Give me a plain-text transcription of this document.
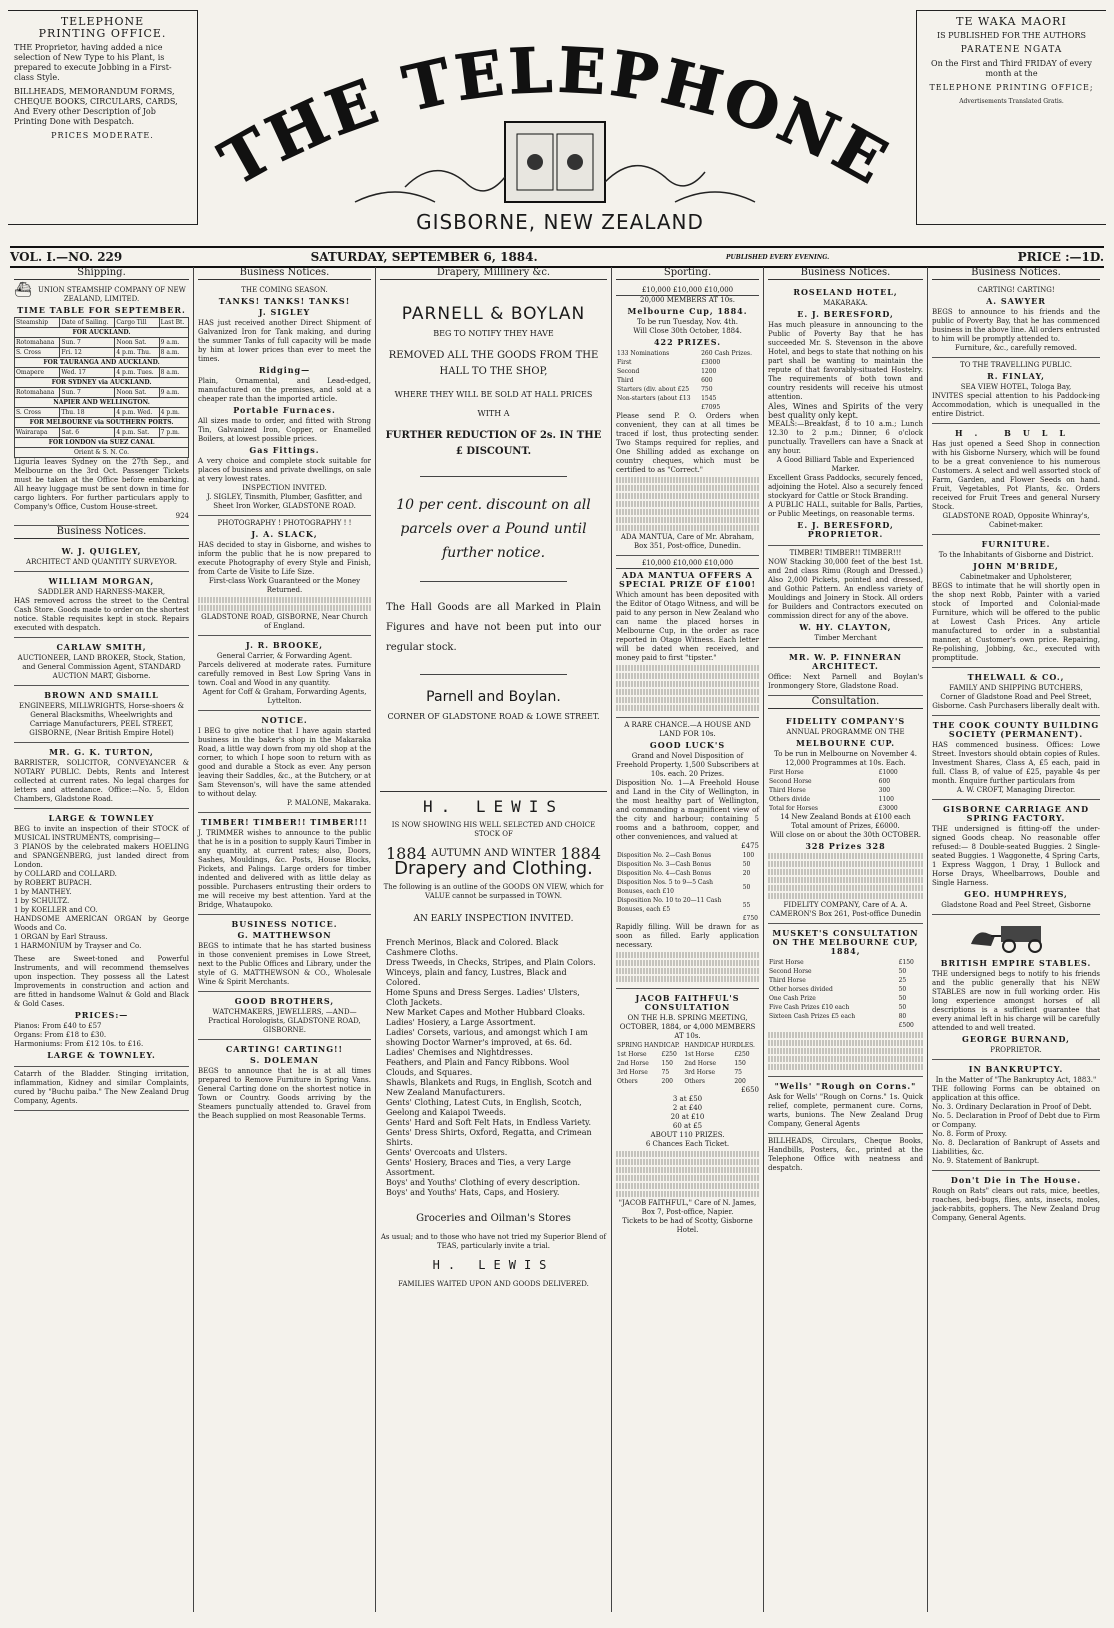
TELEPHONE
PRINTING OFFICE.
THE Proprietor, having added a nice selection of New Type to his Plant, is prepared to execute Jobbing in a First-class Style.
BILLHEADS, MEMORANDUM FORMS, CHEQUE BOOKS, CIRCULARS, CARDS, And Every other Description of Job Printing Done with Despatch.
PRICES MODERATE. THE TELEPHONE
GISBORNE, NEW ZEALAND
TE WAKA MAORI
IS PUBLISHED FOR THE AUTHORS
PARATENE NGATA
On the First and Third FRIDAY of every month at the
TELEPHONE PRINTING OFFICE;
Advertisements Translated Gratis.
VOL. I.—NO. 229	SATURDAY, SEPTEMBER 6, 1884.	PUBLISHED EVERY EVENING.	PRICE :—1D.
Shipping.
⛴ UNION STEAMSHIP COMPANY OF NEW ZEALAND, LIMITED.
TIME TABLE FOR SEPTEMBER.
Steamship	Date of Sailing.	Cargo Till	Last Bt.
FOR AUCKLAND.			
Rotomahana	Sun. 7	Noon Sat.	9 a.m.
S. Cross	Fri. 12	4 p.m. Thu.	8 a.m.
FOR TAURANGA AND AUCKLAND.			
Omapere	Wed. 17	4 p.m. Tues.	8 a.m.
FOR SYDNEY via AUCKLAND.			
Rotomahana	Sun. 7	Noon Sat.	9 a.m.
NAPIER AND WELLINGTON.			
S. Cross	Thu. 18	4 p.m. Wed.	4 p.m.
FOR MELBOURNE via SOUTHERN PORTS.			
Wairarapa	Sat. 6	4 p.m. Sat.	7 p.m.
FOR LONDON via SUEZ CANAL			
Orient & S. N. Co.			
Liguria leaves Sydney on the 27th Sep., and Melbourne on the 3rd Oct. Passenger Tickets must be taken at the Office before embarking. All heavy luggage must be sent down in time for cargo lighters. For further particulars apply to Company's Office, Custom House-street.
924
Business Notices.
W. J. QUIGLEY,
ARCHITECT AND QUANTITY SURVEYOR.
WILLIAM MORGAN,
SADDLER AND HARNESS-MAKER,
HAS removed across the street to the Central Cash Store. Goods made to order on the shortest notice. Stable requisites kept in stock. Repairs executed with despatch.
CARLAW SMITH,
AUCTIONEER, LAND BROKER, Stock, Station, and General Commission Agent, STANDARD AUCTION MART, Gisborne.
BROWN AND SMAILL
ENGINEERS, MILLWRIGHTS, Horse-shoers & General Blacksmiths, Wheelwrights and Carriage Manufacturers, PEEL STREET, GISBORNE, (Near British Empire Hotel)
MR. G. K. TURTON,
BARRISTER, SOLICITOR, CONVEYANCER & NOTARY PUBLIC. Debts, Rents and Interest collected at current rates. No legal charges for letters and attendance. Office:—No. 5, Eldon Chambers, Gladstone Road.
LARGE & TOWNLEY
BEG to invite an inspection of their STOCK of MUSICAL INSTRUMENTS, comprising—
3 PIANOS by the celebrated makers HOELING and SPANGENBERG, just landed direct from London.
by COLLARD and COLLARD.
by ROBERT BUPACH.
1 by MANTHEY.
1 by SCHULTZ.
1 by KOELLER and CO.
HANDSOME AMERICAN ORGAN by George Woods and Co.
1 ORGAN by Earl Strauss.
1 HARMONIUM by Trayser and Co.
These are Sweet-toned and Powerful Instruments, and will recommend themselves upon inspection. They possess all the Latest Improvements in construction and action and are fitted in handsome Walnut & Gold and Black & Gold Cases.
PRICES:—
Pianos: From £40 to £57
Organs: From £18 to £30.
Harmoniums: From £12 10s. to £16.
LARGE & TOWNLEY.
Catarrh of the Bladder. Stinging irritation, inflammation, Kidney and similar Complaints, cured by "Buchu paiba." The New Zealand Drug Company, Agents.
Business Notices.
THE COMING SEASON.
TANKS! TANKS! TANKS!
J. SIGLEY
HAS just received another Direct Shipment of Galvanized Iron for Tank making, and during the summer Tanks of full capacity will be made by him at lower prices than ever to meet the times.
Ridging—
Plain, Ornamental, and Lead-edged, manufactured on the premises, and sold at a cheaper rate than the imported article.
Portable Furnaces.
All sizes made to order, and fitted with Strong Tin, Galvanized Iron, Copper, or Enamelled Boilers, at lowest possible prices.
Gas Fittings.
A very choice and complete stock suitable for places of business and private dwellings, on sale at very lowest rates.
INSPECTION INVITED.
J. SIGLEY, Tinsmith, Plumber, Gasfitter, and Sheet Iron Worker, GLADSTONE ROAD.
PHOTOGRAPHY ! PHOTOGRAPHY ! !
J. A. SLACK,
HAS decided to stay in Gisborne, and wishes to inform the public that he is now prepared to execute Photography of every Style and Finish, from Carte de Visite to Life Size.
First-class Work Guaranteed or the Money Returned.
GLADSTONE ROAD, GISBORNE, Near Church of England.
J. R. BROOKE,
General Carrier, & Forwarding Agent.
Parcels delivered at moderate rates. Furniture carefully removed in Best Low Spring Vans in town. Coal and Wood in any quantity.
Agent for Coff & Graham, Forwarding Agents, Lyttelton.
NOTICE.
I BEG to give notice that I have again started business in the baker's shop in the Makaraka Road, a little way down from my old shop at the corner, to which I hope soon to return with as good and durable a Stock as ever. Any person leaving their Saddles, &c., at the Butchery, or at Sam Stevenson's, will have the same attended to without delay.
P. MALONE, Makaraka.
TIMBER! TIMBER!! TIMBER!!!
J. TRIMMER wishes to announce to the public that he is in a position to supply Kauri Timber in any quantity, at current rates; also, Doors, Sashes, Mouldings, &c. Posts, House Blocks, Pickets, and Palings. Large orders for timber indented and delivered with as little delay as possible. Purchasers entrusting their orders to me will receive my best attention. Yard at the Bridge, Whataupoko.
BUSINESS NOTICE.
G. MATTHEWSON
BEGS to intimate that he has started business in those convenient premises in Lowe Street, next to the Public Offices and Library, under the style of G. MATTHEWSON & CO., Wholesale Wine & Spirit Merchants.
GOOD BROTHERS,
WATCHMAKERS, JEWELLERS, —AND— Practical Horologists, GLADSTONE ROAD, GISBORNE.
CARTING! CARTING!!
S. DOLEMAN
BEGS to announce that he is at all times prepared to Remove Furniture in Spring Vans. General Carting done on the shortest notice in Town or Country. Goods arriving by the Steamers punctually attended to. Gravel from the Beach supplied on most Reasonable Terms.
Drapery, Millinery &c.
PARNELL & BOYLAN
BEG TO NOTIFY THEY HAVE
REMOVED ALL THE GOODS FROM THE HALL TO THE SHOP,
WHERE THEY WILL BE SOLD AT HALL PRICES
WITH A
FURTHER REDUCTION OF 2s. IN THE £ DISCOUNT.
10 per cent. discount on all parcels over a Pound until further notice.
The Hall Goods are all Marked in Plain Figures and have not been put into our regular stock.
Parnell and Boylan.
CORNER OF GLADSTONE ROAD & LOWE STREET.
H. LEWIS
IS NOW SHOWING HIS WELL SELECTED AND CHOICE STOCK OF
1884 AUTUMN AND WINTER 1884
Drapery and Clothing.
The following is an outline of the GOODS ON VIEW, which for VALUE cannot be surpassed in TOWN.
AN EARLY INSPECTION INVITED.
French Merinos, Black and Colored. Black Cashmere Cloths.
Dress Tweeds, in Checks, Stripes, and Plain Colors.
Winceys, plain and fancy, Lustres, Black and Colored.
Home Spuns and Dress Serges. Ladies' Ulsters, Cloth Jackets.
New Market Capes and Mother Hubbard Cloaks.
Ladies' Hosiery, a Large Assortment.
Ladies' Corsets, various, and amongst which I am showing Doctor Warner's improved, at 6s. 6d.
Ladies' Chemises and Nightdresses.
Feathers, and Plain and Fancy Ribbons. Wool Clouds, and Squares.
Shawls, Blankets and Rugs, in English, Scotch and New Zealand Manufacturers.
Gents' Clothing, Latest Cuts, in English, Scotch, Geelong and Kaiapoi Tweeds.
Gents' Hard and Soft Felt Hats, in Endless Variety.
Gents' Dress Shirts, Oxford, Regatta, and Crimean Shirts.
Gents' Overcoats and Ulsters.
Gents' Hosiery, Braces and Ties, a very Large Assortment.
Boys' and Youths' Clothing of every description.
Boys' and Youths' Hats, Caps, and Hosiery.
Groceries and Oilman's Stores
As usual; and to those who have not tried my Superior Blend of TEAS, particularly invite a trial.
H. LEWIS
FAMILIES WAITED UPON AND GOODS DELIVERED.
Sporting.
£10,000 £10,000 £10,000
20,000 MEMBERS AT 10s.
Melbourne Cup, 1884.
To be run Tuesday, Nov. 4th.
Will Close 30th October, 1884.
422 PRIZES.
133 Nominations	260 Cash Prizes.
First	£3000
Second	1200
Third	600
Starters (div. about £25	750
Non-starters (about £13	1545
	£7095
Please send P. O. Orders when convenient, they can at all times be traced if lost, thus protecting sender. Two Stamps required for replies, and One Shilling added as exchange on country cheques, which must be certified to as "Correct."
ADA MANTUA, Care of Mr. Abraham, Box 351, Post-office, Dunedin.
£10,000 £10,000 £10,000
ADA MANTUA OFFERS A SPECIAL PRIZE OF £100!
Which amount has been deposited with the Editor of Otago Witness, and will be paid to any person in New Zealand who can name the placed horses in Melbourne Cup, in the order as race reported in Otago Witness. Each letter will be dated when received, and money paid to first "tipster."
A RARE CHANCE.—A HOUSE AND LAND FOR 10s.
GOOD LUCK'S
Grand and Novel Disposition of Freehold Property. 1,500 Subscribers at 10s. each. 20 Prizes.
Disposition No. 1—A Freehold House and Land in the City of Wellington, in the most healthy part of Wellington, and commanding a magnificent view of the city and harbour; containing 5 rooms and a bathroom, copper, and other conveniences, and valued at
£475
Disposition No. 2—Cash Bonus	100
Disposition No. 3—Cash Bonus	50
Disposition No. 4—Cash Bonus	20
Disposition Nos. 5 to 9—5 Cash Bonuses, each £10	50
Disposition No. 10 to 20—11 Cash Bonuses, each £5	55
	£750
Rapidly filling. Will be drawn for as soon as filled. Early application necessary.
JACOB FAITHFUL'S CONSULTATION
ON THE H.B. SPRING MEETING, OCTOBER, 1884, or 4,000 MEMBERS AT 10s.
SPRING HANDICAP.		HANDICAP HURDLES.	
1st Horse	£250	1st Horse	£250
2nd Horse	150	2nd Horse	150
3rd Horse	75	3rd Horse	75
Others	200	Others	200
£650
3 at £50
2 at £40
20 at £10
60 at £5
ABOUT 110 PRIZES.
6 Chances Each Ticket.
"JACOB FAITHFUL," Care of N. James, Box 7, Post-office, Napier.
Tickets to be had of Scotty, Gisborne Hotel.
Business Notices.
ROSELAND HOTEL,
MAKARAKA.
E. J. BERESFORD,
Has much pleasure in announcing to the Public of Poverty Bay that he has succeeded Mr. S. Stevenson in the above Hotel, and begs to state that nothing on his part shall be wanting to maintain the repute of that favorably-situated Hostelry. The requirements of both town and country residents will receive his utmost attention.
Ales, Wines and Spirits of the very best quality only kept.
MEALS:—Breakfast, 8 to 10 a.m.; Lunch 12.30 to 2 p.m.; Dinner, 6 o'clock punctually. Travellers can have a Snack at any hour.
A Good Billiard Table and Experienced Marker.
Excellent Grass Paddocks, securely fenced, adjoining the Hotel. Also a securely fenced stockyard for Cattle or Stock Branding.
A PUBLIC HALL, suitable for Balls, Parties, or Public Meetings, on reasonable terms.
E. J. BERESFORD, PROPRIETOR.
TIMBER! TIMBER!! TIMBER!!!
NOW Stacking 30,000 feet of the best 1st. and 2nd class Rimu (Rough and Dressed.) Also 2,000 Pickets, pointed and dressed, and Gothic Pattern. An endless variety of Mouldings and Joinery in Stock. All orders for Builders and Contractors executed on commission direct for any of the above.
W. HY. CLAYTON,
Timber Merchant
MR. W. P. FINNERAN ARCHITECT.
Office: Next Parnell and Boylan's Ironmongery Store, Gladstone Road.
Consultation.
FIDELITY COMPANY'S
ANNUAL PROGRAMME ON THE
MELBOURNE CUP.
To be run in Melbourne on November 4.
12,000 Programmes at 10s. Each.
First Horse	£1000
Second Horse	600
Third Horse	300
Others divide	1100
Total for Horses	£3000
14 New Zealand Bonds at £100 each
Total amount of Prizes, £6000.
Will close on or about the 30th OCTOBER.
328 Prizes 328
FIDELITY COMPANY, Care of A. A. CAMERON'S Box 261, Post-office Dunedin
MUSKET'S CONSULTATION ON THE MELBOURNE CUP, 1884,
First Horse	£150
Second Horse	50
Third Horse	25
Other horses divided	50
One Cash Prize	50
Five Cash Prizes £10 each	50
Sixteen Cash Prizes £5 each	80
	£500
"Wells' "Rough on Corns."
Ask for Wells' "Rough on Corns." 1s. Quick relief, complete, permanent cure. Corns, warts, bunions. The New Zealand Drug Company, General Agents
BILLHEADS, Circulars, Cheque Books, Handbills, Posters, &c., printed at the Telephone Office with neatness and despatch.
Business Notices.
CARTING! CARTING!
A. SAWYER
BEGS to announce to his friends and the public of Poverty Bay, that he has commenced business in the above line. All orders entrusted to him will be promptly attended to.
Furniture, &c., carefully removed.
TO THE TRAVELLING PUBLIC.
R. FINLAY,
SEA VIEW HOTEL, Tologa Bay,
INVITES special attention to his Paddock-ing Accommodation, which is unequalled in the entire District.
H. BULL
Has just opened a Seed Shop in connection with his Gisborne Nursery, which will be found to be a great convenience to his numerous Customers. A select and well assorted stock of Farm, Garden, and Flower Seeds on hand. Fruit, Vegetables, Pot Plants, &c. Orders received for Fruit Trees and general Nursery Stock.
GLADSTONE ROAD, Opposite Whinray's, Cabinet-maker.
FURNITURE.
To the Inhabitants of Gisborne and District.
JOHN M'BRIDE,
Cabinetmaker and Upholsterer,
BEGS to intimate that he will shortly open in the shop next Robb, Painter with a varied stock of Imported and Colonial-made Furniture, which will be offered to the public at Lowest Cash Prices. Any article manufactured to order in a substantial manner, at Customer's own price. Repairing, Re-polishing, Jobbing, &c., executed with promptitude.
THELWALL & CO.,
FAMILY AND SHIPPING BUTCHERS,
Corner of Gladstone Road and Peel Street, Gisborne. Cash Purchasers liberally dealt with.
THE COOK COUNTY BUILDING SOCIETY (PERMANENT).
HAS commenced business. Offices: Lowe Street. Investors should obtain copies of Rules. Investment Shares, Class A, £5 each, paid in full. Class B, of value of £25, payable 4s per month. Enquire further particulars from
A. W. CROFT, Managing Director.
GISBORNE CARRIAGE AND SPRING FACTORY.
THE undersigned is fitting-off the under-signed Goods cheap. No reasonable offer refused:— 8 Double-seated Buggies. 2 Single-seated Buggies. 1 Waggonette, 4 Spring Carts, 1 Express Waggon, 1 Dray, 1 Bullock and Horse Drays, Wheelbarrows, Double and Single Harness.
GEO. HUMPHREYS,
Gladstone Road and Peel Street, Gisborne
BRITISH EMPIRE STABLES.
THE undersigned begs to notify to his friends and the public generally that his NEW STABLES are now in full working order. His long experience amongst horses of all descriptions is a sufficient guarantee that every animal left in his charge will be carefully attended to and well treated.
GEORGE BURNAND,
PROPRIETOR.
IN BANKRUPTCY.
In the Matter of "The Bankruptcy Act, 1883."
THE following Forms can be obtained on application at this office.
No. 3. Ordinary Declaration in Proof of Debt.
No. 5. Declaration in Proof of Debt due to Firm or Company.
No. 8. Form of Proxy.
No. 8. Declaration of Bankrupt of Assets and Liabilities, &c.
No. 9. Statement of Bankrupt.
Don't Die in The House.
Rough on Rats" clears out rats, mice, beetles, roaches, bed-bugs, flies, ants, insects, moles, jack-rabbits, gophers. The New Zealand Drug Company, General Agents.
